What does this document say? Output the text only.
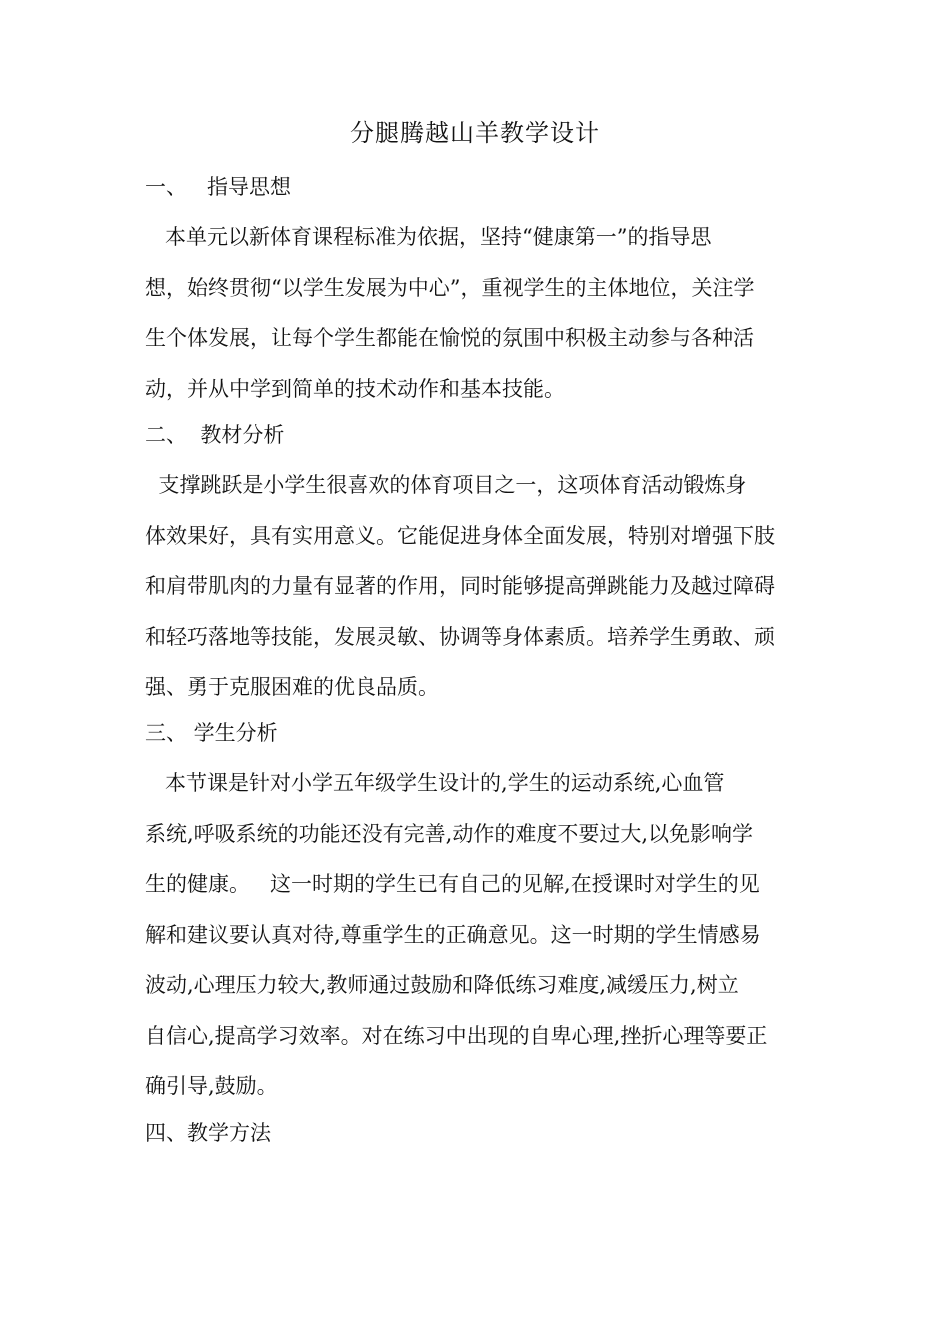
分腿腾越山羊教学设计
一、   指导思想
本单元以新体育课程标准为依据，坚持“健康第一”的指导思
想，始终贯彻“以学生发展为中心”，重视学生的主体地位，关注学
生个体发展，让每个学生都能在愉悦的氛围中积极主动参与各种活
动，并从中学到简单的技术动作和基本技能。
二、  教材分析
支撑跳跃是小学生很喜欢的体育项目之一，这项体育活动锻炼身
体效果好，具有实用意义。它能促进身体全面发展，特别对增强下肢
和肩带肌肉的力量有显著的作用，同时能够提高弹跳能力及越过障碍
和轻巧落地等技能，发展灵敏、协调等身体素质。培养学生勇敢、顽
强、勇于克服困难的优良品质。
三、 学生分析
本节课是针对小学五年级学生设计的,学生的运动系统,心血管
系统,呼吸系统的功能还没有完善,动作的难度不要过大,以免影响学
生的健康。   这一时期的学生已有自己的见解,在授课时对学生的见
解和建议要认真对待,尊重学生的正确意见。这一时期的学生情感易
波动,心理压力较大,教师通过鼓励和降低练习难度,减缓压力,树立
自信心,提高学习效率。对在练习中出现的自卑心理,挫折心理等要正
确引导,鼓励。
四、教学方法
